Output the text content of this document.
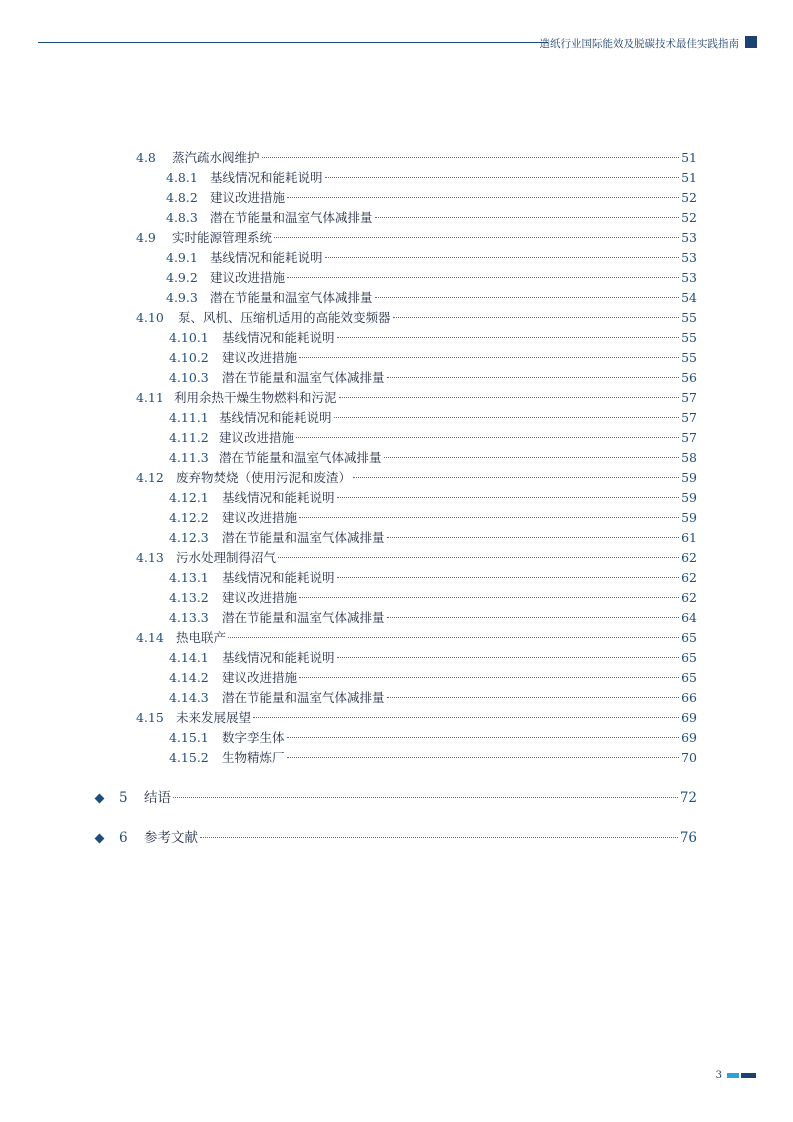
造纸行业国际能效及脱碳技术最佳实践指南
4.8	蒸汽疏水阀维护	51
4.8.1 基线情况和能耗说明	51
4.8.2 建议改进措施	52
4.8.3 潜在节能量和温室气体减排量	52
4.9	实时能源管理系统	53
4.9.1 基线情况和能耗说明	53
4.9.2 建议改进措施	53
4.9.3 潜在节能量和温室气体减排量	54
4.10	泵、风机、压缩机适用的高能效变频器	55
4.10.1	基线情况和能耗说明	55
4.10.2	建议改进措施	55
4.10.3	潜在节能量和温室气体减排量	56
4.11 利用余热干燥生物燃料和污泥	57
4.11.1 基线情况和能耗说明	57
4.11.2 建议改进措施	57
4.11.3 潜在节能量和温室气体减排量	58
4.12 废弃物焚烧（使用污泥和废渣）	59
4.12.1	基线情况和能耗说明	59
4.12.2	建议改进措施	59
4.12.3	潜在节能量和温室气体减排量	61
4.13 污水处理制得沼气	62
4.13.1	基线情况和能耗说明	62
4.13.2	建议改进措施	62
4.13.3	潜在节能量和温室气体减排量	64
4.14 热电联产	65
4.14.1	基线情况和能耗说明	65
4.14.2	建议改进措施	65
4.14.3	潜在节能量和温室气体减排量	66
4.15 未来发展展望	69
4.15.1	数字孪生体	69
4.15.2	生物精炼厂	70
5	结语	72
6	参考文献	76
3
